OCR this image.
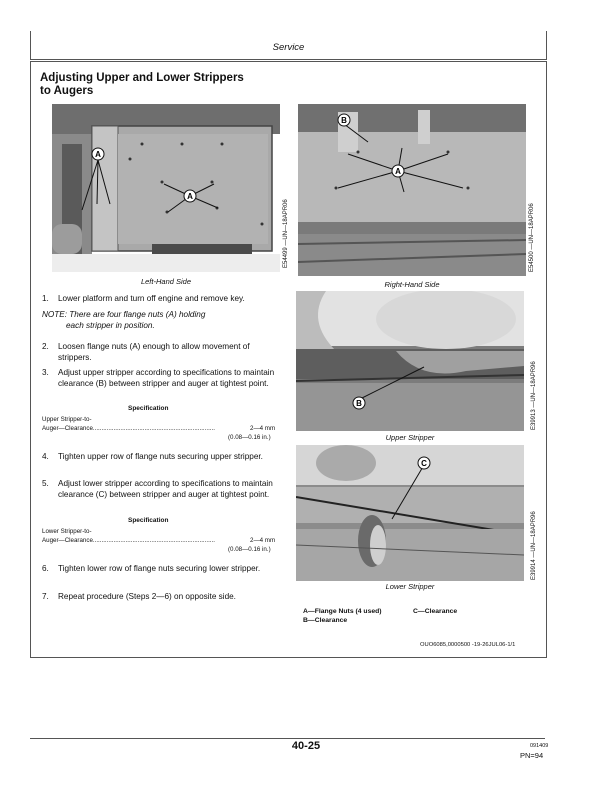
Service
Adjusting Upper and Lower Strippers
to Augers
A
A
E54499 —UN—18APR06
Left-Hand Side
B
A
E54500 —UN—18APR06
Right-Hand Side
B	E39913 —UN—18APR96
Upper Stripper
C
E39914 —UN—18APR96
Lower Stripper
1. Lower platform and turn off engine and remove key.
NOTE: There are four flange nuts (A) holding
each stripper in position.
2. Loosen flange nuts (A) enough to allow movement of strippers.
3. Adjust upper stripper according to specifications to maintain clearance (B) between stripper and auger at tightest point.
Specification
Upper Stripper-to-
Auger—Clearance.......................................................................	2—4 mm
(0.08—0.16 in.)
4. Tighten upper row of flange nuts securing upper stripper.
5. Adjust lower stripper according to specifications to maintain clearance (C) between stripper and auger at tightest point.
Specification
Lower Stripper-to-
Auger—Clearance.......................................................................	2—4 mm
(0.08—0.16 in.)
6. Tighten lower row of flange nuts securing lower stripper.
7. Repeat procedure (Steps 2—6) on opposite side.
A—Flange Nuts (4 used)
B—Clearance
C—Clearance
OUO6085,0000500 -19-26JUL06-1/1
40-25	091409
PN=94
